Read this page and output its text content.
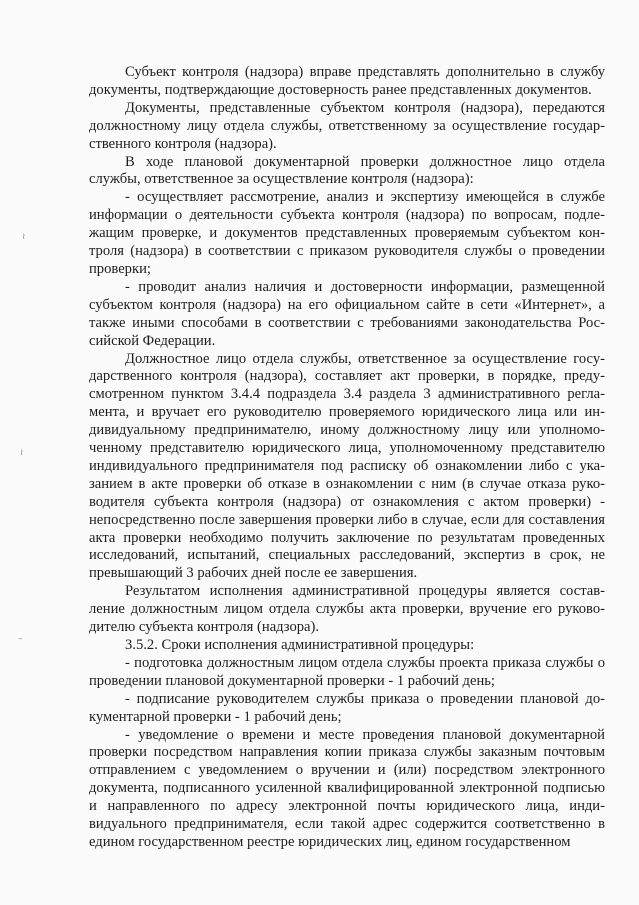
≀
≀
–

Субъект контроля (надзора) вправе представлять дополнительно в службу документы, подтверждающие достоверность ранее представленных документов.

Документы, представленные субъектом контроля (надзора), передаются должностному лицу отдела службы, ответственному за осуществление государственного контроля (надзора).

В ходе плановой документарной проверки должностное лицо отдела службы, ответственное за осуществление контроля (надзора):

- осуществляет рассмотрение, анализ и экспертизу имеющейся в службе информации о деятельности субъекта контроля (надзора) по вопросам, подлежащим проверке, и документов представленных проверяемым субъектом контроля (надзора) в соответствии с приказом руководителя службы о проведении проверки;

- проводит анализ наличия и достоверности информации, размещенной субъектом контроля (надзора) на его официальном сайте в сети «Интернет», а также иными способами в соответствии с требованиями законодательства Российской Федерации.

Должностное лицо отдела службы, ответственное за осуществление государственного контроля (надзора), составляет акт проверки, в порядке, предусмотренном пунктом 3.4.4 подраздела 3.4 раздела 3 административного регламента, и вручает его руководителю проверяемого юридического лица или индивидуальному предпринимателю, иному должностному лицу или уполномоченному представителю юридического лица, уполномоченному представителю индивидуального предпринимателя под расписку об ознакомлении либо с указанием в акте проверки об отказе в ознакомлении с ним (в случае отказа руководителя субъекта контроля (надзора) от ознакомления с актом проверки) - непосредственно после завершения проверки либо в случае, если для составления акта проверки необходимо получить заключение по результатам проведенных исследований, испытаний, специальных расследований, экспертиз в срок, не превышающий 3 рабочих дней после ее завершения.

Результатом исполнения административной процедуры является составление должностным лицом отдела службы акта проверки, вручение его руководителю субъекта контроля (надзора).

3.5.2. Сроки исполнения административной процедуры:

- подготовка должностным лицом отдела службы проекта приказа службы о проведении плановой документарной проверки - 1 рабочий день;

- подписание руководителем службы приказа о проведении плановой документарной проверки - 1 рабочий день;

- уведомление о времени и месте проведения плановой документарной проверки посредством направления копии приказа службы заказным почтовым отправлением с уведомлением о вручении и (или) посредством электронного документа, подписанного усиленной квалифицированной электронной подписью и направленного по адресу электронной почты юридического лица, индивидуального предпринимателя, если такой адрес содержится соответственно в едином государственном реестре юридических лиц, едином государственном
